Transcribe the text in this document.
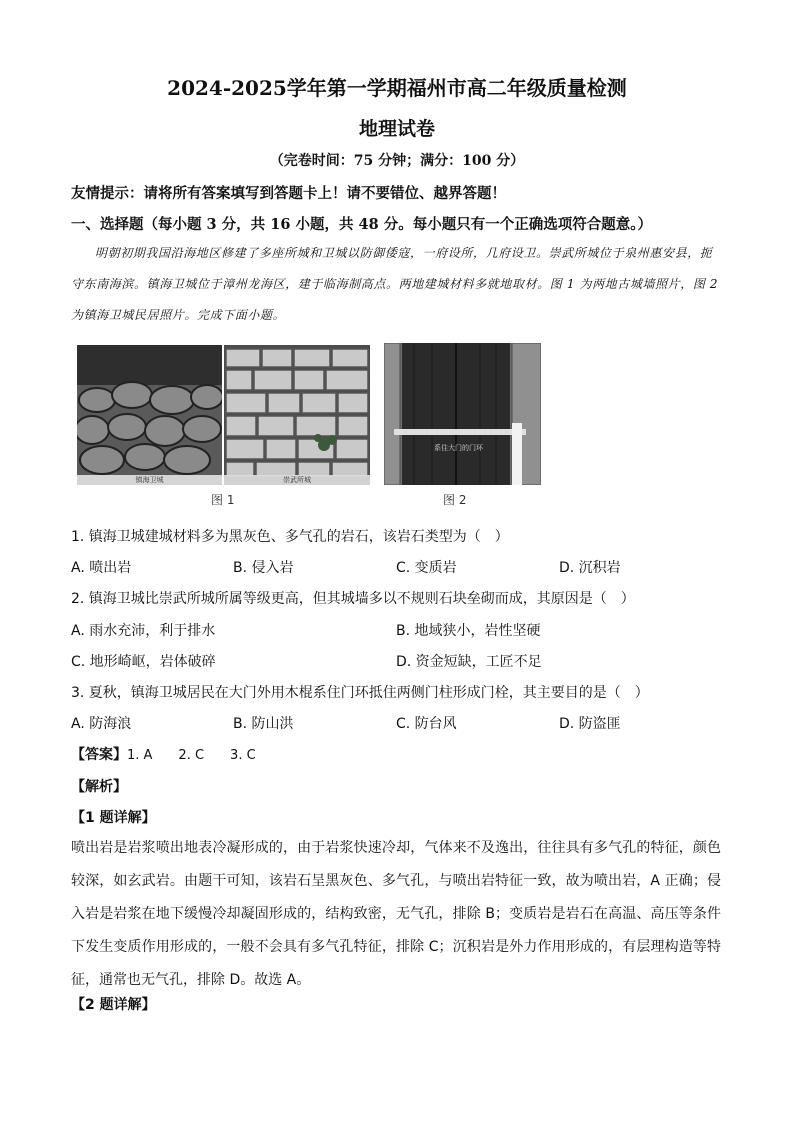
2024-2025学年第一学期福州市高二年级质量检测
地理试卷
（完卷时间：75 分钟；满分：100 分）
友情提示：请将所有答案填写到答题卡上！请不要错位、越界答题！
一、选择题（每小题 3 分，共 16 小题，共 48 分。每小题只有一个正确选项符合题意。）
明朝初期我国沿海地区修建了多座所城和卫城以防御倭寇，一府设所，几府设卫。崇武所城位于泉州惠安县，扼守东南海滨。镇海卫城位于漳州龙海区，建于临海制高点。两地建城材料多就地取材。图 1 为两地古城墙照片，图 2 为镇海卫城民居照片。完成下面小题。
镇海卫城	崇武所城
图 1
系住大门的门环
图 2
1. 镇海卫城建城材料多为黑灰色、多气孔的岩石，该岩石类型为（　）
A. 喷出岩	B. 侵入岩	C. 变质岩	D. 沉积岩
2. 镇海卫城比崇武所城所属等级更高，但其城墙多以不规则石块垒砌而成，其原因是（　）
A. 雨水充沛，利于排水	B. 地域狭小，岩性坚硬
C. 地形崎岖，岩体破碎	D. 资金短缺，工匠不足
3. 夏秋，镇海卫城居民在大门外用木棍系住门环抵住两侧门柱形成门栓，其主要目的是（　）
A. 防海浪	B. 防山洪	C. 防台风	D. 防盗匪
【答案】1. A　　2. C　　3. C
【解析】
【1 题详解】
喷出岩是岩浆喷出地表冷凝形成的，由于岩浆快速冷却，气体来不及逸出，往往具有多气孔的特征，颜色较深，如玄武岩。由题干可知，该岩石呈黑灰色、多气孔，与喷出岩特征一致，故为喷出岩，A 正确；侵入岩是岩浆在地下缓慢冷却凝固形成的，结构致密，无气孔，排除 B；变质岩是岩石在高温、高压等条件下发生变质作用形成的，一般不会具有多气孔特征，排除 C；沉积岩是外力作用形成的，有层理构造等特征，通常也无气孔，排除 D。故选 A。
【2 题详解】
